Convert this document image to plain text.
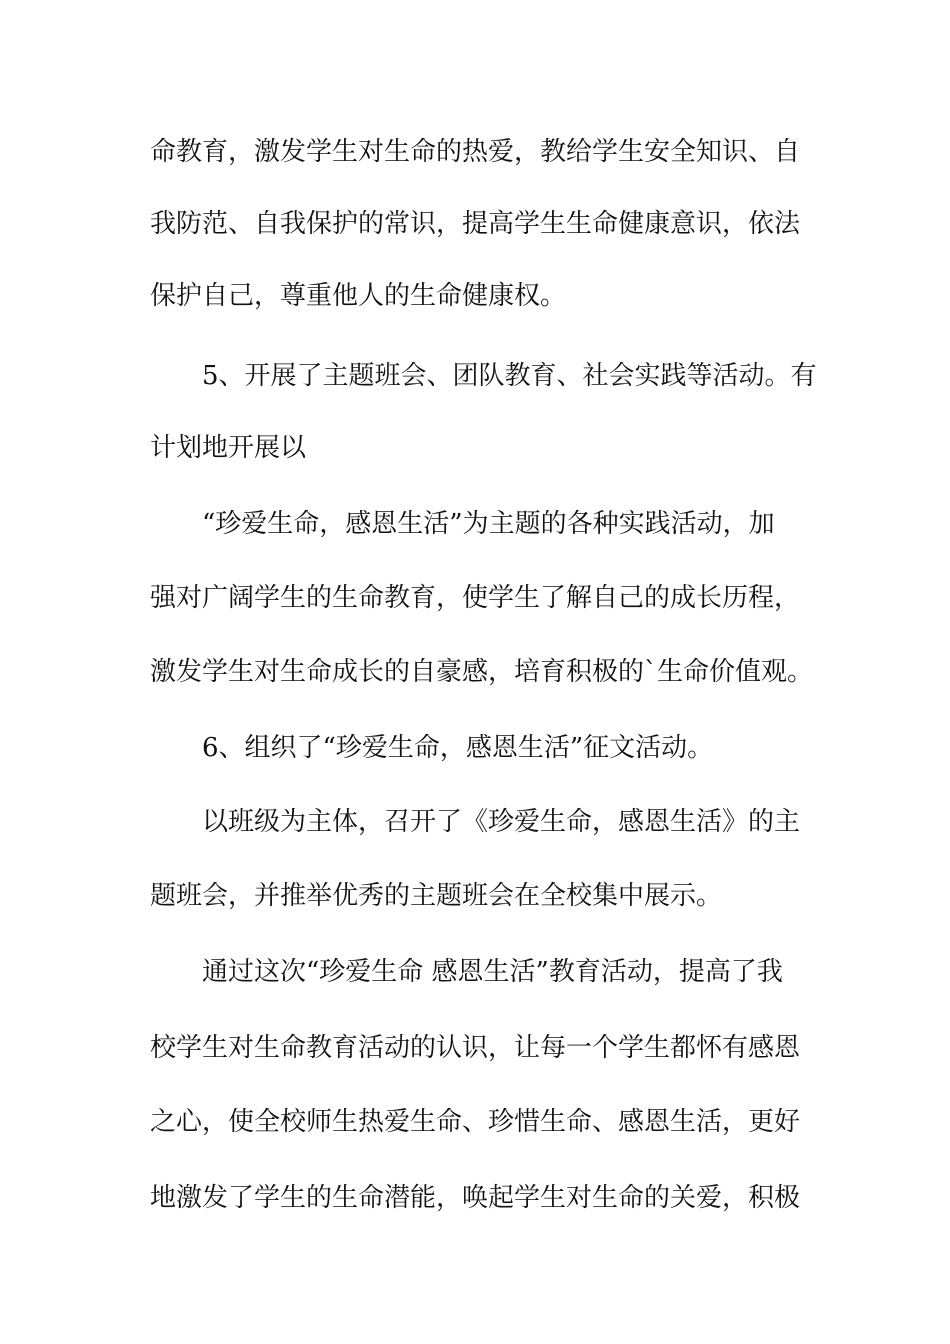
命教育，激发学生对生命的热爱，教给学生安全知识、自
我防范、自我保护的常识，提高学生生命健康意识，依法
保护自己，尊重他人的生命健康权。
5、开展了主题班会、团队教育、社会实践等活动。有
计划地开展以
“珍爱生命，感恩生活”为主题的各种实践活动，加
强对广阔学生的生命教育，使学生了解自己的成长历程，
激发学生对生命成长的自豪感，培育积极的`生命价值观。
6、组织了“珍爱生命，感恩生活”征文活动。
以班级为主体，召开了《珍爱生命，感恩生活》的主
题班会，并推举优秀的主题班会在全校集中展示。
通过这次“珍爱生命 感恩生活”教育活动，提高了我
校学生对生命教育活动的认识，让每一个学生都怀有感恩
之心，使全校师生热爱生命、珍惜生命、感恩生活，更好
地激发了学生的生命潜能，唤起学生对生命的关爱，积极
